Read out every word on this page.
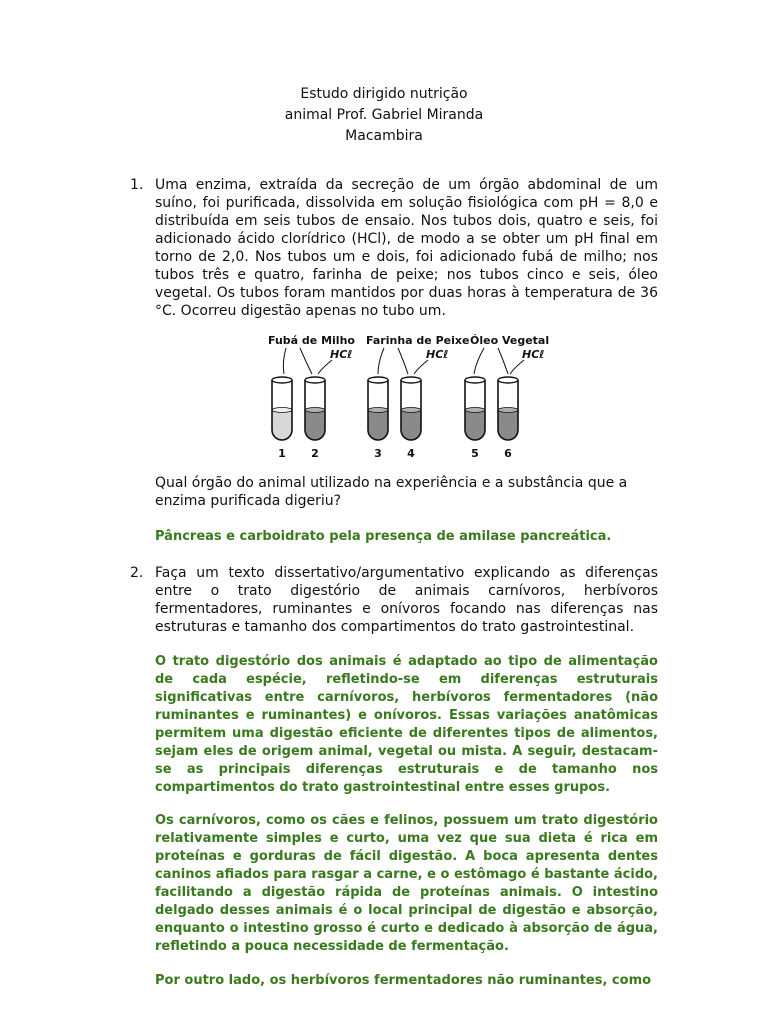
Estudo dirigido nutrição
animal Prof. Gabriel Miranda
Macambira
1. Uma enzima, extraída da secreção de um órgão abdominal de um suíno, foi purificada, dissolvida em solução fisiológica com pH = 8,0 e distribuída em seis tubos de ensaio. Nos tubos dois, quatro e seis, foi adicionado ácido clorídrico (HCl), de modo a se obter um pH final em torno de 2,0. Nos tubos um e dois, foi adicionado fubá de milho; nos tubos três e quatro, farinha de peixe; nos tubos cinco e seis, óleo vegetal. Os tubos foram mantidos por duas horas à temperatura de 36 °C. Ocorreu digestão apenas no tubo um.
Fubá de Milho Farinha de Peixe Óleo Vegetal
HCℓ	HCℓ	HCℓ
1 2	3 4	5 6
Qual órgão do animal utilizado na experiência e a substância que a enzima purificada digeriu?
Pâncreas e carboidrato pela presença de amilase pancreática.
2. Faça um texto dissertativo/argumentativo explicando as diferenças entre o trato digestório de animais carnívoros, herbívoros fermentadores, ruminantes e onívoros focando nas diferenças nas estruturas e tamanho dos compartimentos do trato gastrointestinal.
O trato digestório dos animais é adaptado ao tipo de alimentação de cada espécie, refletindo-se em diferenças estruturais significativas entre carnívoros, herbívoros fermentadores (não ruminantes e ruminantes) e onívoros. Essas variações anatômicas permitem uma digestão eficiente de diferentes tipos de alimentos, sejam eles de origem animal, vegetal ou mista. A seguir, destacam-se as principais diferenças estruturais e de tamanho nos compartimentos do trato gastrointestinal entre esses grupos.
Os carnívoros, como os cães e felinos, possuem um trato digestório relativamente simples e curto, uma vez que sua dieta é rica em proteínas e gorduras de fácil digestão. A boca apresenta dentes caninos afiados para rasgar a carne, e o estômago é bastante ácido, facilitando a digestão rápida de proteínas animais. O intestino delgado desses animais é o local principal de digestão e absorção, enquanto o intestino grosso é curto e dedicado à absorção de água, refletindo a pouca necessidade de fermentação.
Por outro lado, os herbívoros fermentadores não ruminantes, como
